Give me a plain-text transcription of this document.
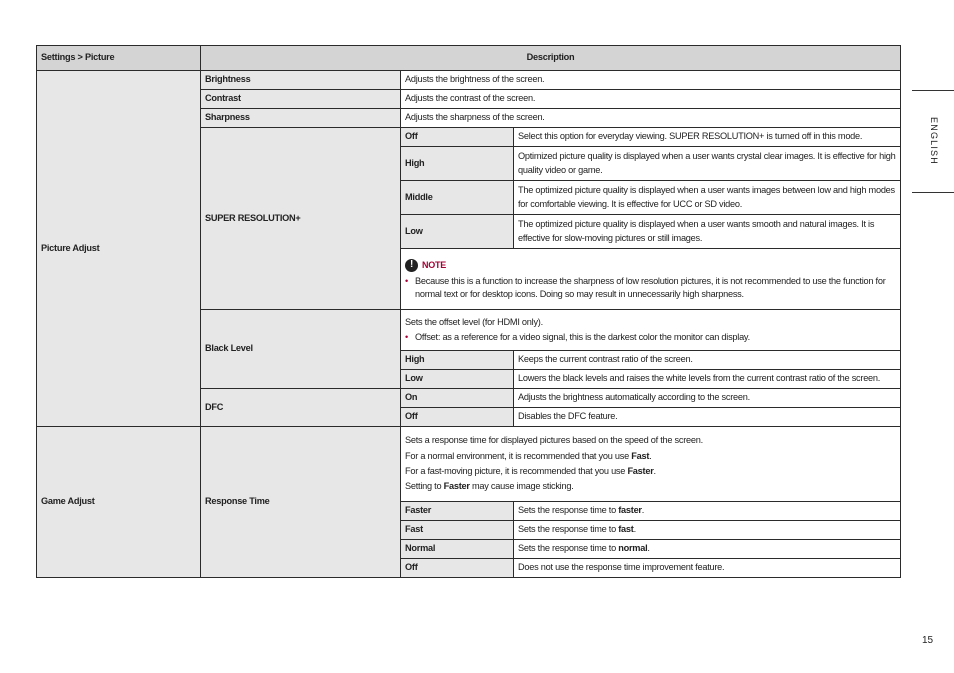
Settings > Picture	Description		
Picture Adjust	Brightness	Adjusts the brightness of the screen.	
	Contrast	Adjusts the contrast of the screen.	
	Sharpness	Adjusts the sharpness of the screen.	
	SUPER RESOLUTION+	Off	Select this option for everyday viewing. SUPER RESOLUTION+ is turned off in this mode.
		High	Optimized picture quality is displayed when a user wants crystal clear images. It is effective for high quality video or game.
		Middle	The optimized picture quality is displayed when a user wants images between low and high modes for comfortable viewing. It is effective for UCC or SD video.
		Low	The optimized picture quality is displayed when a user wants smooth and natural images. It is effective for slow-moving pictures or still images.

! NOTE
• Because this is a function to increase the sharpness of low resolution pictures, it is not recommended to use the function for normal text or for desktop icons. Doing so may result in unnecessarily high sharpness.

	Black Level	Sets the offset level (for HDMI only).
• Offset: as a reference for a video signal, this is the darkest color the monitor can display.

		High	Keeps the current contrast ratio of the screen.
		Low	Lowers the black levels and raises the white levels from the current contrast ratio of the screen.
	DFC	On	Adjusts the brightness automatically according to the screen.
		Off	Disables the DFC feature.
Game Adjust	Response Time	Sets a response time for displayed pictures based on the speed of the screen.
For a normal environment, it is recommended that you use Fast.
For a fast-moving picture, it is recommended that you use Faster.
Setting to Faster may cause image sticking.	

		Faster	Sets the response time to faster.
		Fast	Sets the response time to fast.
		Normal	Sets the response time to normal.
		Off	Does not use the response time improvement feature.
ENGLISH
15
